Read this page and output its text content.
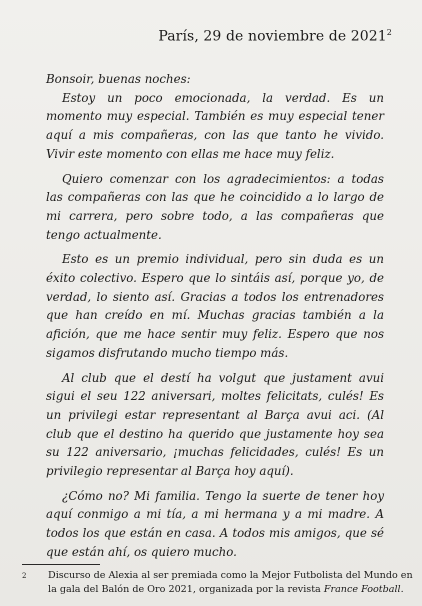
París, 29 de noviembre de 2021$^2$

Bonsoir, buenas noches:

Estoy un poco emocionada, la verdad. Es un momento muy especial. También es muy especial tener aquí a mis compañeras, con las que tanto he vivido. Vivir este momento con ellas me hace muy feliz.

Quiero comenzar con los agradecimientos: a todas las compañeras con las que he coincidido a lo largo de mi carrera, pero sobre todo, a las compañeras que tengo actualmente.

Esto es un premio individual, pero sin duda es un éxito colectivo. Espero que lo sintáis así, porque yo, de verdad, lo siento así. Gracias a todos los entrenadores que han creído en mí. Muchas gracias también a la afición, que me hace sentir muy feliz. Espero que nos sigamos disfrutando mucho tiempo más.

Al club que el destí ha volgut que justament avui sigui el seu 122 aniversari, moltes felicitats, culés! Es un privilegi estar representant al Barça avui aci. (Al club que el destino ha querido que justamente hoy sea su 122 aniversario, ¡muchas felicidades, culés! Es un privilegio representar al Barça hoy aquí).

¿Cómo no? Mi familia. Tengo la suerte de tener hoy aquí conmigo a mi tía, a mi hermana y a mi madre. A todos los que están en casa. A todos mis amigos, que sé que están ahí, os quiero mucho.

2 Discurso de Alexia al ser premiada como la Mejor Futbolista del Mundo en la gala del Balón de Oro 2021, organizada por la revista France Football.
